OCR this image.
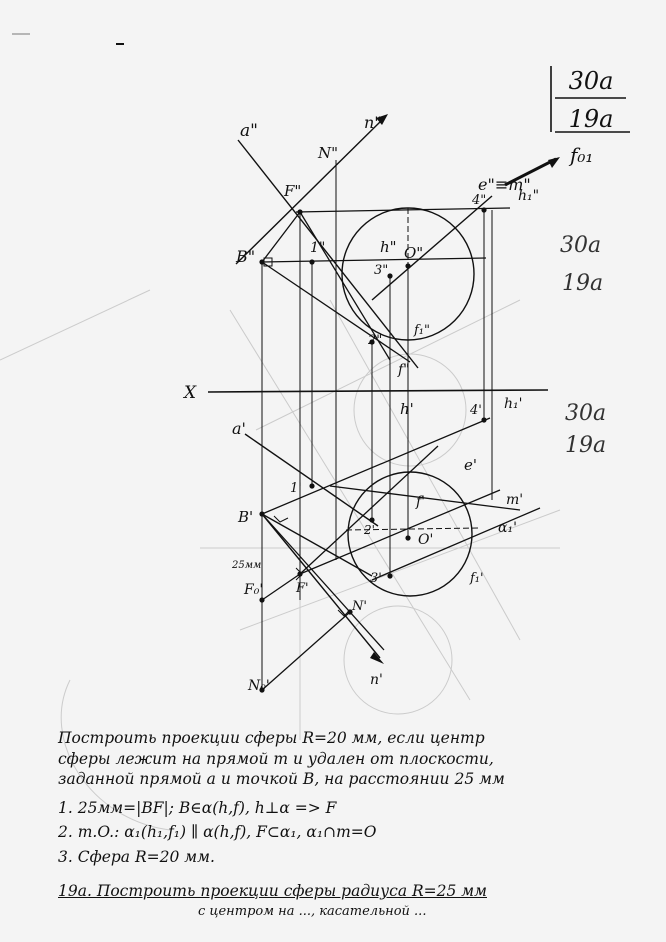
30a
19a
30a
19a
30a
19a
a"
N"
n"
f₀₁
F"	e"≡m"
4" h₁"
B"	1"	h" O"
3"
f₁"
2"
f"
X
h'	4' h₁'
a'
e'
1'
f'	m'
B'
2'
O'
α₁'
25мм
3'	f₁'
F₀'	F'
N'
N₀'	n'
Построить проекции сферы R=20 мм, если центр
сферы лежит на прямой m и удален от плоскости,
заданной прямой a и точкой B, на расстоянии 25 мм
1. 25мм=|BF|; B∈α(h,f), h⊥α => F
2. т.O.: α₁(h₁,f₁) ∥ α(h,f), F⊂α₁, α₁∩m=O
3. Сфера R=20 мм.
19а. Построить проекции сферы радиуса R=25 мм
с центром на ..., касательной ...
